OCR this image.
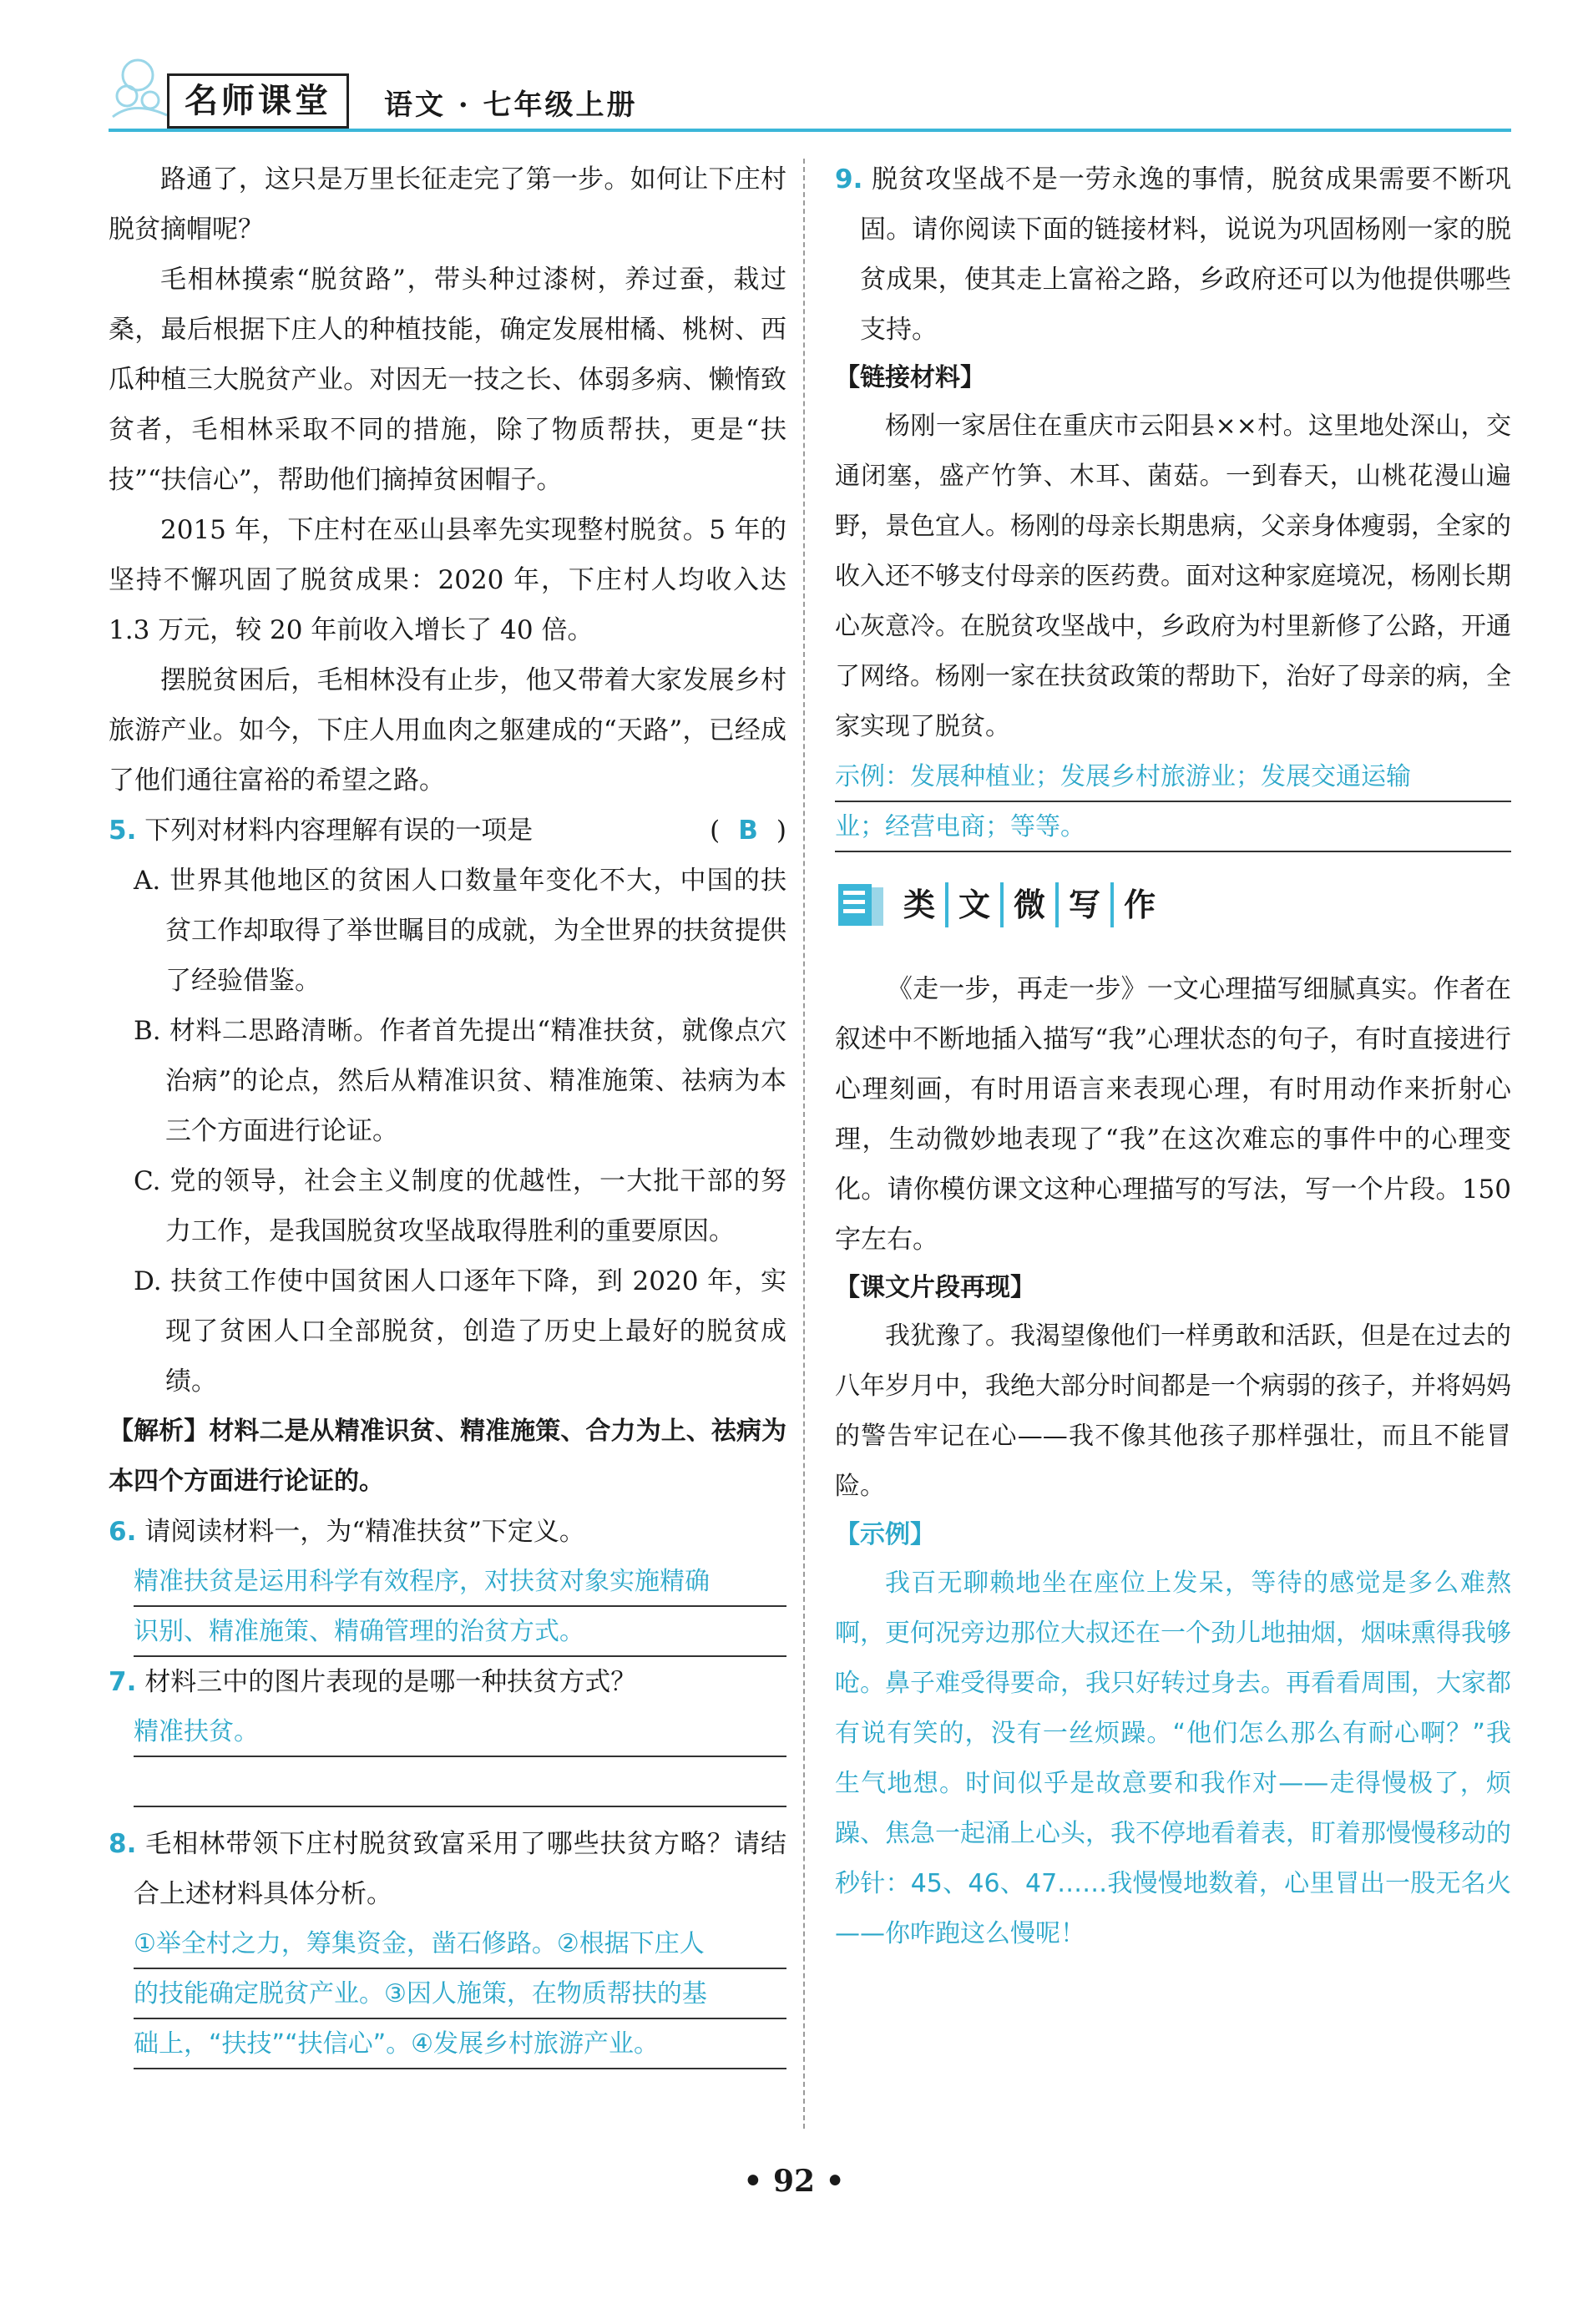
名师课堂	语文 · 七年级上册

路通了，这只是万里长征走完了第一步。如何让下庄村脱贫摘帽呢？

毛相林摸索“脱贫路”，带头种过漆树，养过蚕，栽过桑，最后根据下庄人的种植技能，确定发展柑橘、桃树、西瓜种植三大脱贫产业。对因无一技之长、体弱多病、懒惰致贫者，毛相林采取不同的措施，除了物质帮扶，更是“扶技”“扶信心”，帮助他们摘掉贫困帽子。

2015 年，下庄村在巫山县率先实现整村脱贫。5 年的坚持不懈巩固了脱贫成果：2020 年，下庄村人均收入达 1.3 万元，较 20 年前收入增长了 40 倍。

摆脱贫困后，毛相林没有止步，他又带着大家发展乡村旅游产业。如今，下庄人用血肉之躯建成的“天路”，已经成了他们通往富裕的希望之路。

5. 下列对材料内容理解有误的一项是	( B )

A. 世界其他地区的贫困人口数量年变化不大，中国的扶贫工作却取得了举世瞩目的成就，为全世界的扶贫提供了经验借鉴。

B. 材料二思路清晰。作者首先提出“精准扶贫，就像点穴治病”的论点，然后从精准识贫、精准施策、祛病为本三个方面进行论证。

C. 党的领导，社会主义制度的优越性，一大批干部的努力工作，是我国脱贫攻坚战取得胜利的重要原因。

D. 扶贫工作使中国贫困人口逐年下降，到 2020 年，实现了贫困人口全部脱贫，创造了历史上最好的脱贫成绩。

【解析】材料二是从精准识贫、精准施策、合力为上、祛病为本四个方面进行论证的。

6. 请阅读材料一，为“精准扶贫”下定义。
精准扶贫是运用科学有效程序，对扶贫对象实施精确
识别、精准施策、精确管理的治贫方式。
7. 材料三中的图片表现的是哪一种扶贫方式？
精准扶贫。
8. 毛相林带领下庄村脱贫致富采用了哪些扶贫方略？请结合上述材料具体分析。
①举全村之力，筹集资金，凿石修路。②根据下庄人
的技能确定脱贫产业。③因人施策，在物质帮扶的基
础上，“扶技”“扶信心”。④发展乡村旅游产业。
9. 脱贫攻坚战不是一劳永逸的事情，脱贫成果需要不断巩固。请你阅读下面的链接材料，说说为巩固杨刚一家的脱贫成果，使其走上富裕之路，乡政府还可以为他提供哪些支持。
【链接材料】

杨刚一家居住在重庆市云阳县××村。这里地处深山，交通闭塞，盛产竹笋、木耳、菌菇。一到春天，山桃花漫山遍野，景色宜人。杨刚的母亲长期患病，父亲身体瘦弱，全家的收入还不够支付母亲的医药费。面对这种家庭境况，杨刚长期心灰意冷。在脱贫攻坚战中，乡政府为村里新修了公路，开通了网络。杨刚一家在扶贫政策的帮助下，治好了母亲的病，全家实现了脱贫。

示例：发展种植业；发展乡村旅游业；发展交通运输
业；经营电商；等等。
类 文 微 写 作

《走一步，再走一步》一文心理描写细腻真实。作者在叙述中不断地插入描写“我”心理状态的句子，有时直接进行心理刻画，有时用语言来表现心理，有时用动作来折射心理，生动微妙地表现了“我”在这次难忘的事件中的心理变化。请你模仿课文这种心理描写的写法，写一个片段。150 字左右。

【课文片段再现】

我犹豫了。我渴望像他们一样勇敢和活跃，但是在过去的八年岁月中，我绝大部分时间都是一个病弱的孩子，并将妈妈的警告牢记在心——我不像其他孩子那样强壮，而且不能冒险。

【示例】

我百无聊赖地坐在座位上发呆，等待的感觉是多么难熬啊，更何况旁边那位大叔还在一个劲儿地抽烟，烟味熏得我够呛。鼻子难受得要命，我只好转过身去。再看看周围，大家都有说有笑的，没有一丝烦躁。“他们怎么那么有耐心啊？”我生气地想。时间似乎是故意要和我作对——走得慢极了，烦躁、焦急一起涌上心头，我不停地看着表，盯着那慢慢移动的秒针：45、46、47……我慢慢地数着，心里冒出一股无名火——你咋跑这么慢呢！

• 92 •
